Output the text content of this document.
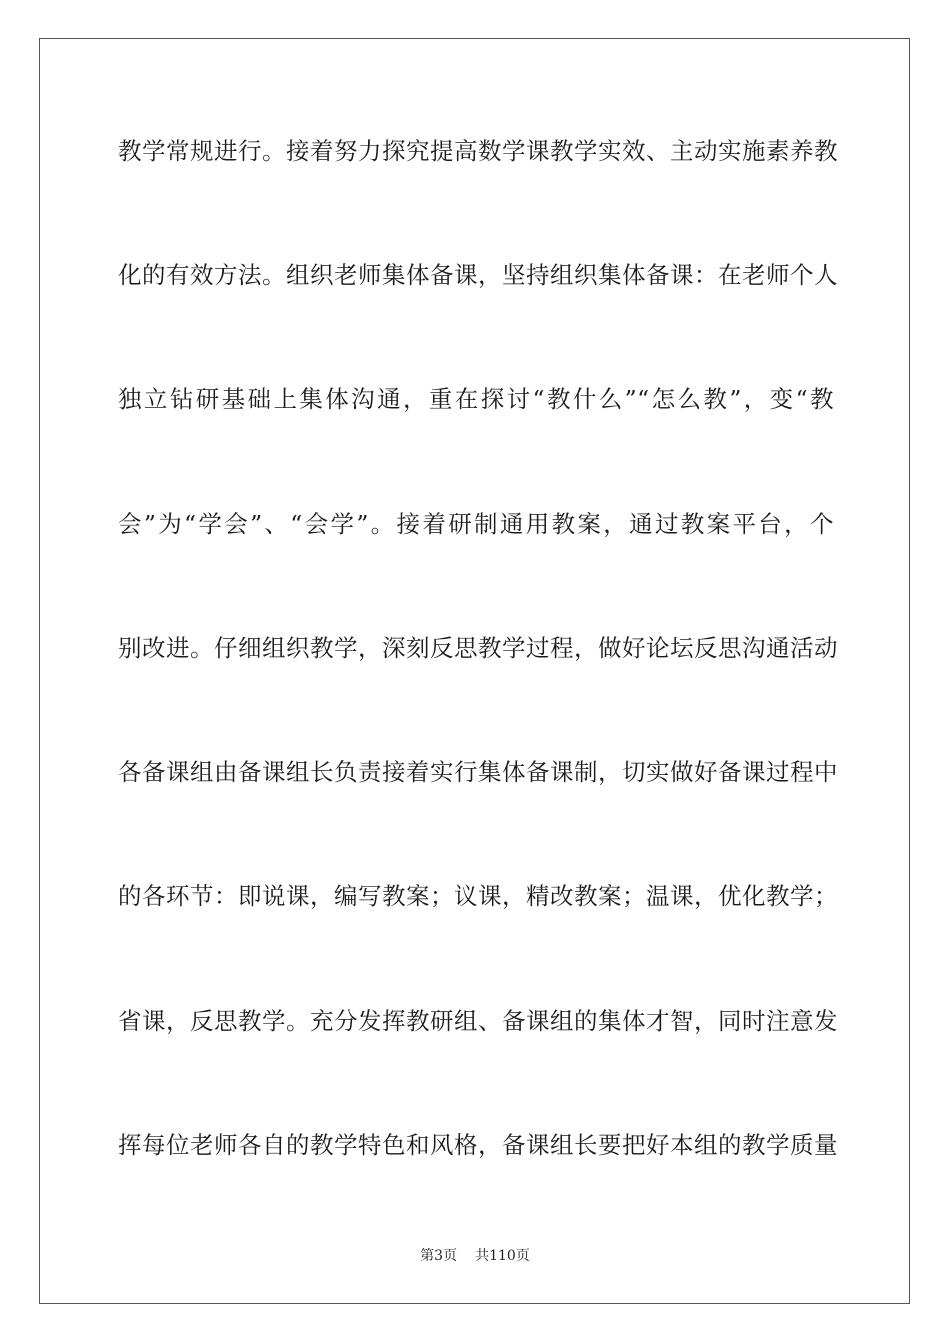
教学常规进行。接着努力探究提高数学课教学实效、主动实施素养教
化的有效方法。组织老师集体备课，坚持组织集体备课：在老师个人
独立钻研基础上集体沟通，重在探讨“教什么”“怎么教”，变“教
会”为“学会”、“会学”。接着研制通用教案，通过教案平台，个
别改进。仔细组织教学，深刻反思教学过程，做好论坛反思沟通活动
各备课组由备课组长负责接着实行集体备课制，切实做好备课过程中
的各环节：即说课，编写教案；议课，精改教案；温课，优化教学；
省课，反思教学。充分发挥教研组、备课组的集体才智，同时注意发
挥每位老师各自的教学特色和风格，备课组长要把好本组的教学质量
第3页 共110页
